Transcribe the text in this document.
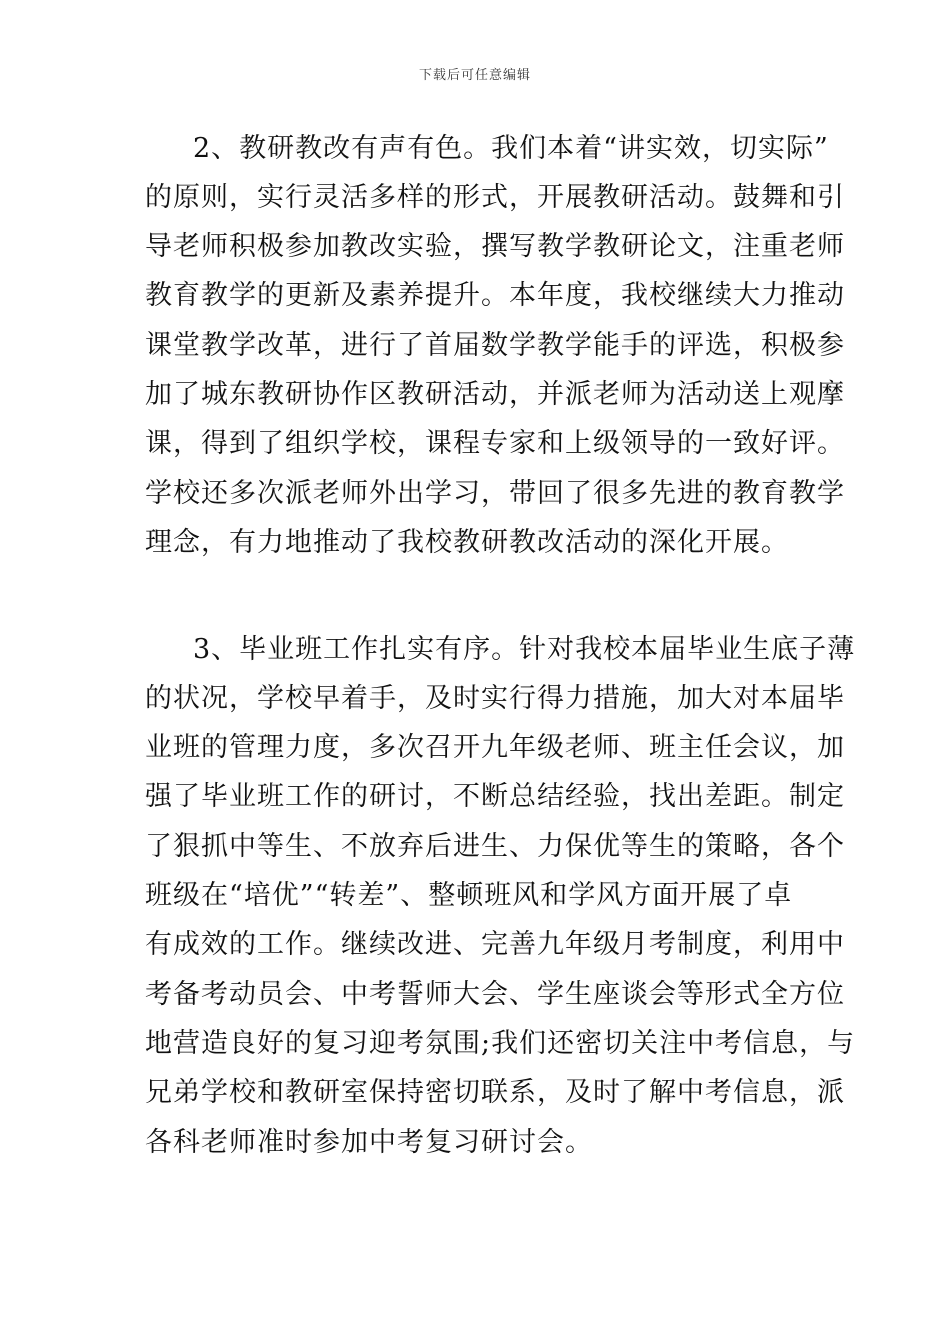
下载后可任意编辑
2、教研教改有声有色。我们本着“讲实效，切实际”
的原则，实行灵活多样的形式，开展教研活动。鼓舞和引
导老师积极参加教改实验，撰写教学教研论文，注重老师
教育教学的更新及素养提升。本年度，我校继续大力推动
课堂教学改革，进行了首届数学教学能手的评选，积极参
加了城东教研协作区教研活动，并派老师为活动送上观摩
课，得到了组织学校，课程专家和上级领导的一致好评。
学校还多次派老师外出学习，带回了很多先进的教育教学
理念，有力地推动了我校教研教改活动的深化开展。
3、毕业班工作扎实有序。针对我校本届毕业生底子薄
的状况，学校早着手，及时实行得力措施，加大对本届毕
业班的管理力度，多次召开九年级老师、班主任会议，加
强了毕业班工作的研讨，不断总结经验，找出差距。制定
了狠抓中等生、不放弃后进生、力保优等生的策略，各个
班级在“培优”“转差”、整顿班风和学风方面开展了卓
有成效的工作。继续改进、完善九年级月考制度，利用中
考备考动员会、中考誓师大会、学生座谈会等形式全方位
地营造良好的复习迎考氛围;我们还密切关注中考信息，与
兄弟学校和教研室保持密切联系，及时了解中考信息，派
各科老师准时参加中考复习研讨会。
